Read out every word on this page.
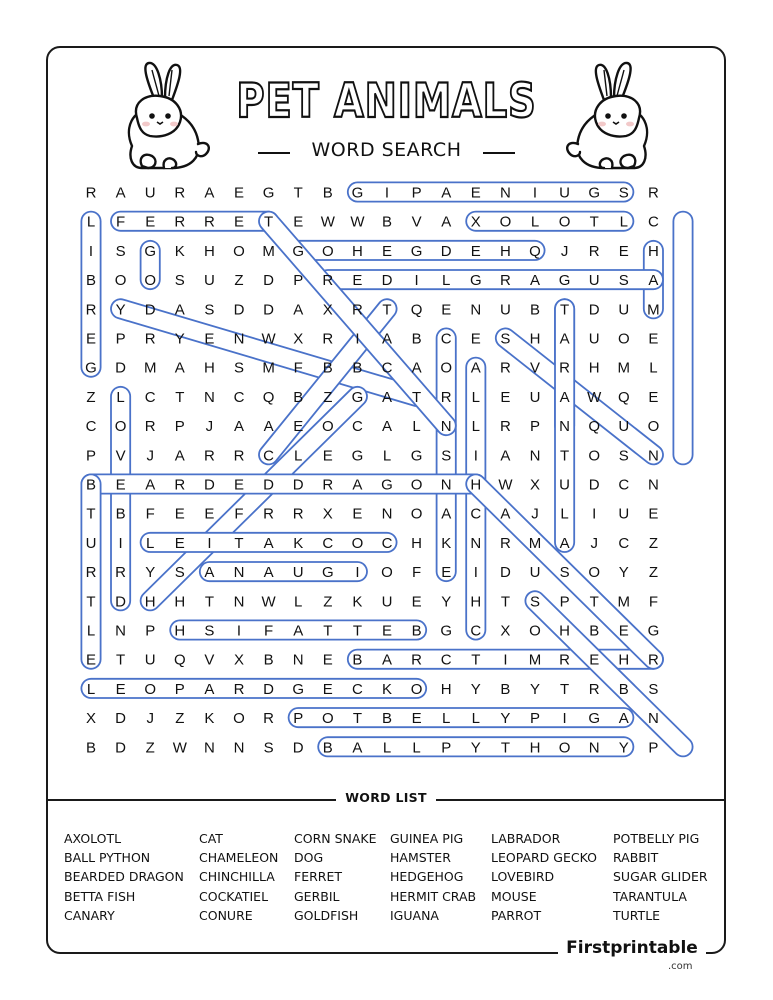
PET ANIMALS
WORD SEARCH
R A U R A E G T B G I P A E N I U G S R
L F E R R E T E W W B V A X O L O T L C
I S G K H O M G O H E G D E H Q J R E H
B O O S U Z D P R E D I L G R A G U S A
R Y D A S D D A X R T Q E N U B T D U M
E P R Y E N W X R I A B C E S H A U O E
G D M A H S M F B B C A O A R V R H M L
Z L C T N C Q B Z G A T R L E U A W Q E
C O R P J A A E O C A L N L R P N Q U O
P V J A R R C L E G L G S I A N T O S N
B E A R D E D D R A G O N H W X U D C N
T B F E E F R R X E N O A C A J L I U E
U I L E I T A K C O C H K N R M A J C Z
R R Y S A N A U G I O F E I D U S O Y Z
T D H H T N W L Z K U E Y H T S P T M F
L N P H S I F A T T E B G C X O H B E G
E T U Q V X B N E B A R C T I M R E H R
L E O P A R D G E C K O H Y B Y T R B S
X D J Z K O R P O T B E L L Y P I G A N
B D Z W N N S D B A L L P Y T H O N Y P
WORD LIST
AXOLOTL
BALL PYTHON
BEARDED DRAGON
BETTA FISH
CANARY
CAT
CHAMELEON
CHINCHILLA
COCKATIEL
CONURE
CORN SNAKE
DOG
FERRET
GERBIL
GOLDFISH
GUINEA PIG
HAMSTER
HEDGEHOG
HERMIT CRAB
IGUANA
LABRADOR
LEOPARD GECKO
LOVEBIRD
MOUSE
PARROT
POTBELLY PIG
RABBIT
SUGAR GLIDER
TARANTULA
TURTLE
Firstprintable
.com
